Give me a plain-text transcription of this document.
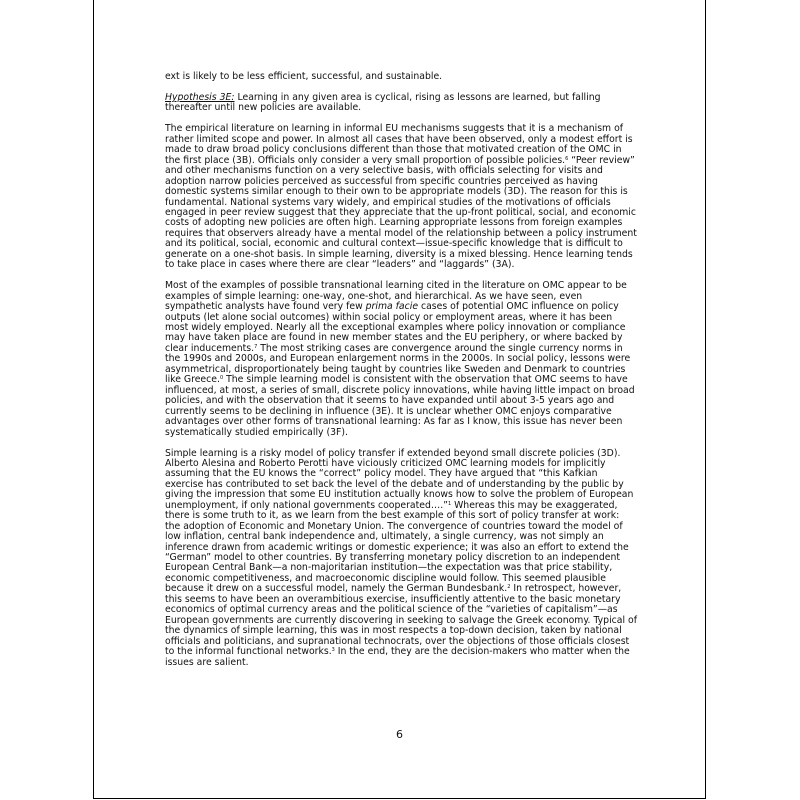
ext is likely to be less efficient, successful, and sustainable.

Hypothesis 3E: Learning in any given area is cyclical, rising as lessons are learned, but falling thereafter until new policies are available.

The empirical literature on learning in informal EU mechanisms suggests that it is a mechanism of rather limited scope and power. In almost all cases that have been observed, only a modest effort is made to draw broad policy conclusions different than those that motivated creation of the OMC in the first place (3B). Officials only consider a very small proportion of possible policies.$^6$ “Peer review” and other mechanisms function on a very selective basis, with officials selecting for visits and adoption narrow policies perceived as successful from specific countries perceived as having domestic systems similar enough to their own to be appropriate models (3D). The reason for this is fundamental. National systems vary widely, and empirical studies of the motivations of officials engaged in peer review suggest that they appreciate that the up-front political, social, and economic costs of adopting new policies are often high. Learning appropriate lessons from foreign examples requires that observers already have a mental model of the relationship between a policy instrument and its political, social, economic and cultural context—issue-specific knowledge that is difficult to generate on a one-shot basis. In simple learning, diversity is a mixed blessing. Hence learning tends to take place in cases where there are clear “leaders” and “laggards” (3A).

Most of the examples of possible transnational learning cited in the literature on OMC appear to be examples of simple learning: one-way, one-shot, and hierarchical. As we have seen, even sympathetic analysts have found very few prima facie cases of potential OMC influence on policy outputs (let alone social outcomes) within social policy or employment areas, where it has been most widely employed. Nearly all the exceptional examples where policy innovation or compliance may have taken place are found in new member states and the EU periphery, or where backed by clear inducements.$^7$ The most striking cases are convergence around the single currency norms in the 1990s and 2000s, and European enlargement norms in the 2000s. In social policy, lessons were asymmetrical, disproportionately being taught by countries like Sweden and Denmark to countries like Greece.$^0$ The simple learning model is consistent with the observation that OMC seems to have influenced, at most, a series of small, discrete policy innovations, while having little impact on broad policies, and with the observation that it seems to have expanded until about 3-5 years ago and currently seems to be declining in influence (3E). It is unclear whether OMC enjoys comparative advantages over other forms of transnational learning: As far as I know, this issue has never been systematically studied empirically (3F).

Simple learning is a risky model of policy transfer if extended beyond small discrete policies (3D). Alberto Alesina and Roberto Perotti have viciously criticized OMC learning models for implicitly assuming that the EU knows the “correct” policy model. They have argued that “this Kafkian exercise has contributed to set back the level of the debate and of understanding by the public by giving the impression that some EU institution actually knows how to solve the problem of European unemployment, if only national governments cooperated….”$^1$ Whereas this may be exaggerated, there is some truth to it, as we learn from the best example of this sort of policy transfer at work: the adoption of Economic and Monetary Union. The convergence of countries toward the model of low inflation, central bank independence and, ultimately, a single currency, was not simply an inference drawn from academic writings or domestic experience; it was also an effort to extend the “German” model to other countries. By transferring monetary policy discretion to an independent European Central Bank—a non-majoritarian institution—the expectation was that price stability, economic competitiveness, and macroeconomic discipline would follow. This seemed plausible because it drew on a successful model, namely the German Bundesbank.$^2$ In retrospect, however, this seems to have been an overambitious exercise, insufficiently attentive to the basic monetary economics of optimal currency areas and the political science of the “varieties of capitalism”—as European governments are currently discovering in seeking to salvage the Greek economy. Typical of the dynamics of simple learning, this was in most respects a top-down decision, taken by national officials and politicians, and supranational technocrats, over the objections of those officials closest to the informal functional networks.$^3$ In the end, they are the decision-makers who matter when the issues are salient.

6
